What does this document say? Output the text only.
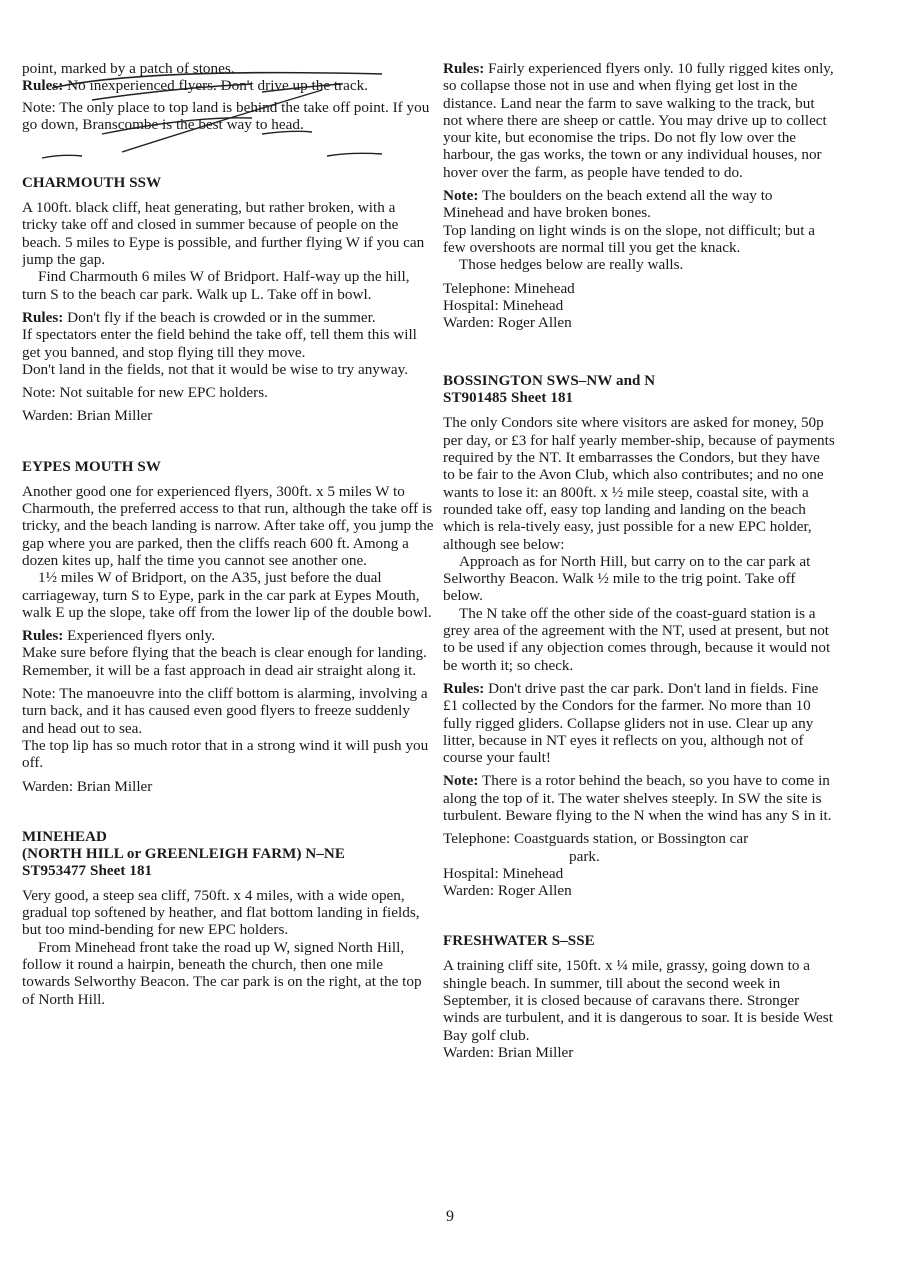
point, marked by a patch of stones.

Rules: No inexperienced flyers. Don't drive up the track.

Note: The only place to top land is behind the take off point. If you go down, Branscombe is the best way to head.

CHARMOUTH SSW

A 100ft. black cliff, heat generating, but rather broken, with a tricky take off and closed in summer because of people on the beach. 5 miles to Eype is possible, and further flying W if you can jump the gap.

Find Charmouth 6 miles W of Bridport. Half-way up the hill, turn S to the beach car park. Walk up L. Take off in bowl.

Rules: Don't fly if the beach is crowded or in the summer.

If spectators enter the field behind the take off, tell them this will get you banned, and stop flying till they move.

Don't land in the fields, not that it would be wise to try anyway.

Note: Not suitable for new EPC holders.

Warden: Brian Miller

EYPES MOUTH SW

Another good one for experienced flyers, 300ft. x 5 miles W to Charmouth, the preferred access to that run, although the take off is tricky, and the beach landing is narrow. After take off, you jump the gap where you are parked, then the cliffs reach 600 ft. Among a dozen kites up, half the time you cannot see another one.

1½ miles W of Bridport, on the A35, just before the dual carriageway, turn S to Eype, park in the car park at Eypes Mouth, walk E up the slope, take off from the lower lip of the double bowl.

Rules: Experienced flyers only.

Make sure before flying that the beach is clear enough for landing. Remember, it will be a fast approach in dead air straight along it.

Note: The manoeuvre into the cliff bottom is alarming, involving a turn back, and it has caused even good flyers to freeze suddenly and head out to sea.

The top lip has so much rotor that in a strong wind it will push you off.

Warden: Brian Miller

MINEHEAD

(NORTH HILL or GREENLEIGH FARM) N–NE

ST953477 Sheet 181

Very good, a steep sea cliff, 750ft. x 4 miles, with a wide open, gradual top softened by heather, and flat bottom landing in fields, but too mind-bending for new EPC holders.

From Minehead front take the road up W, signed North Hill, follow it round a hairpin, beneath the church, then one mile towards Selworthy Beacon. The car park is on the right, at the top of North Hill.

Rules: Fairly experienced flyers only. 10 fully rigged kites only, so collapse those not in use and when flying get lost in the distance. Land near the farm to save walking to the track, but not where there are sheep or cattle. You may drive up to collect your kite, but economise the trips. Do not fly low over the harbour, the gas works, the town or any individual houses, nor hover over the farm, as people have tended to do.

Note: The boulders on the beach extend all the way to Minehead and have broken bones.

Top landing on light winds is on the slope, not difficult; but a few overshoots are normal till you get the knack.

Those hedges below are really walls.

Telephone: Minehead

Hospital: Minehead

Warden: Roger Allen

BOSSINGTON SWS–NW and N

ST901485 Sheet 181

The only Condors site where visitors are asked for money, 50p per day, or £3 for half yearly member-ship, because of payments required by the NT. It embarrasses the Condors, but they have to be fair to the Avon Club, which also contributes; and no one wants to lose it: an 800ft. x ½ mile steep, coastal site, with a rounded take off, easy top landing and landing on the beach which is rela-tively easy, just possible for a new EPC holder, although see below:

Approach as for North Hill, but carry on to the car park at Selworthy Beacon. Walk ½ mile to the trig point. Take off below.

The N take off the other side of the coast-guard station is a grey area of the agreement with the NT, used at present, but not to be used if any objection comes through, because it would not be worth it; so check.

Rules: Don't drive past the car park. Don't land in fields. Fine £1 collected by the Condors for the farmer. No more than 10 fully rigged gliders. Collapse gliders not in use. Clear up any litter, because in NT eyes it reflects on you, although not of course your fault!

Note: There is a rotor behind the beach, so you have to come in along the top of it. The water shelves steeply. In SW the site is turbulent. Beware flying to the N when the wind has any S in it.

Telephone: Coastguards station, or Bossington car

park.

Hospital: Minehead

Warden: Roger Allen

FRESHWATER S–SSE

A training cliff site, 150ft. x ¼ mile, grassy, going down to a shingle beach. In summer, till about the second week in September, it is closed because of caravans there. Stronger winds are turbulent, and it is dangerous to soar. It is beside West Bay golf club.

Warden: Brian Miller

9
